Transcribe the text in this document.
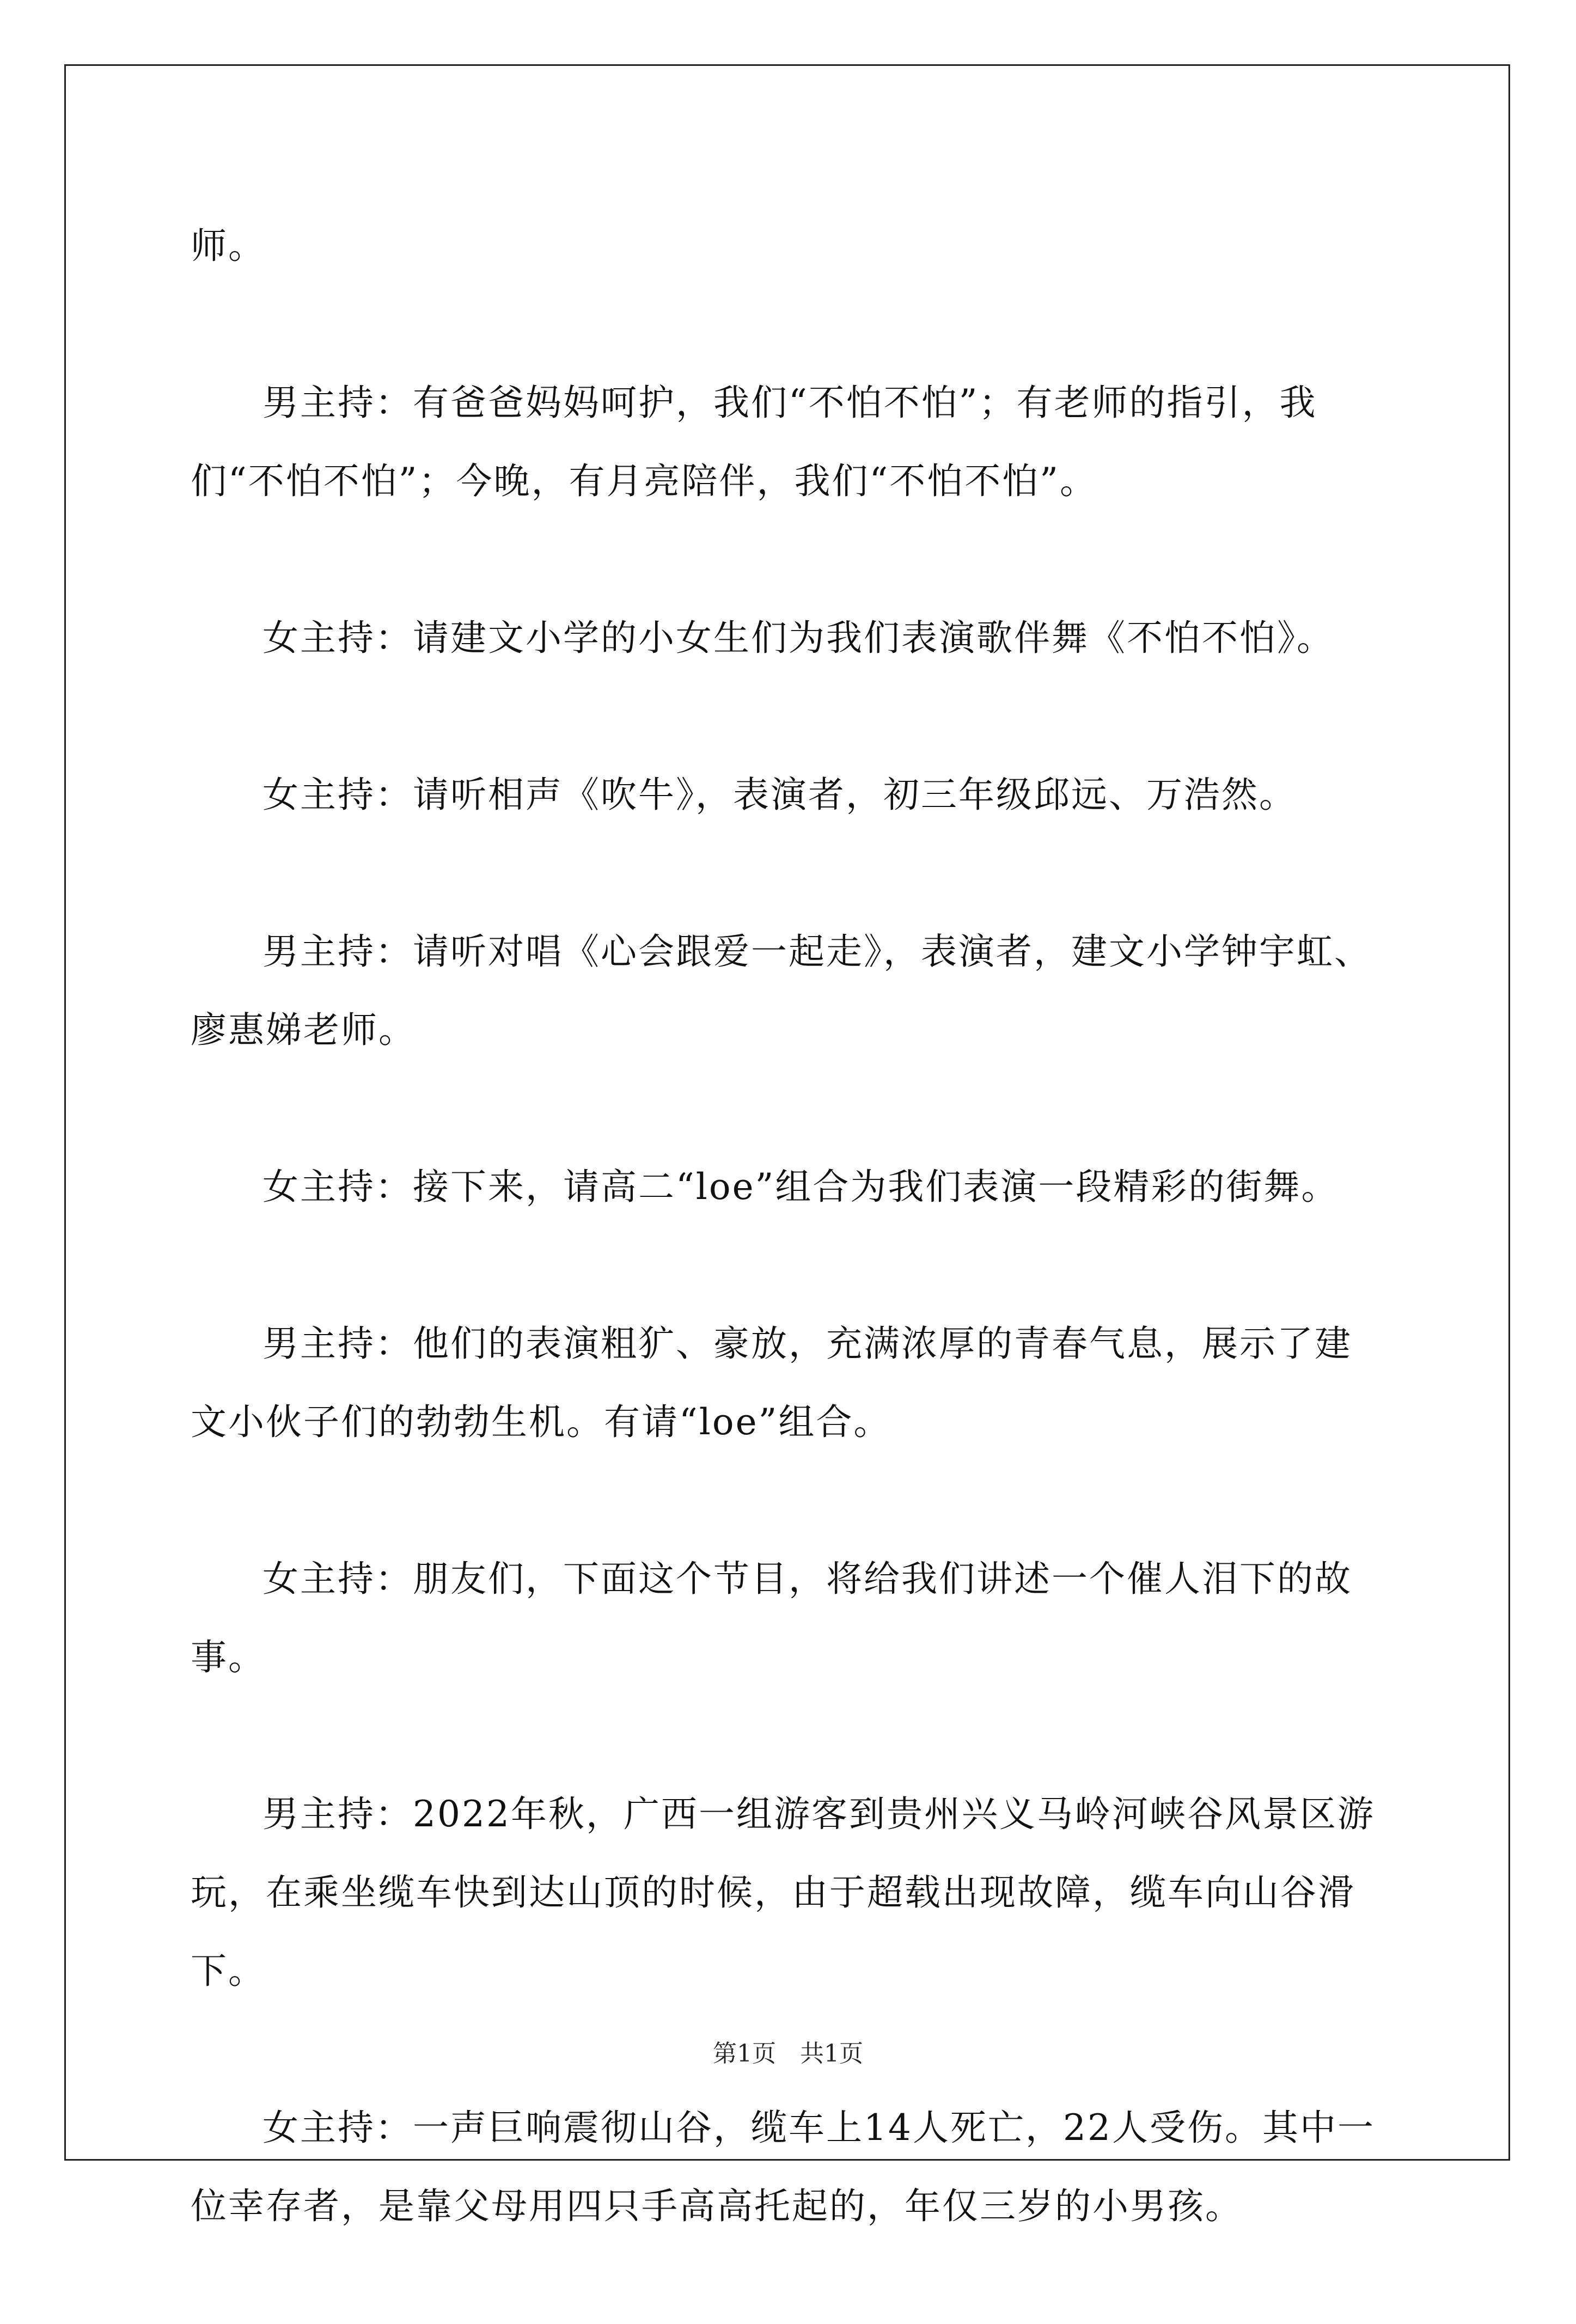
师。

男主持：有爸爸妈妈呵护，我们“不怕不怕”；有老师的指引，我们“不怕不怕”；今晚，有月亮陪伴，我们“不怕不怕”。

女主持：请建文小学的小女生们为我们表演歌伴舞《不怕不怕》。

女主持：请听相声《吹牛》，表演者，初三年级邱远、万浩然。

男主持：请听对唱《心会跟爱一起走》，表演者，建文小学钟宇虹、廖惠娣老师。

女主持：接下来，请高二“loe”组合为我们表演一段精彩的街舞。

男主持：他们的表演粗犷、豪放，充满浓厚的青春气息，展示了建文小伙子们的勃勃生机。有请“loe”组合。

女主持：朋友们，下面这个节目，将给我们讲述一个催人泪下的故事。

男主持：2022年秋，广西一组游客到贵州兴义马岭河峡谷风景区游玩，在乘坐缆车快到达山顶的时候，由于超载出现故障，缆车向山谷滑下。

女主持：一声巨响震彻山谷，缆车上14人死亡，22人受伤。其中一位幸存者，是靠父母用四只手高高托起的，年仅三岁的小男孩。

第1页　共1页
